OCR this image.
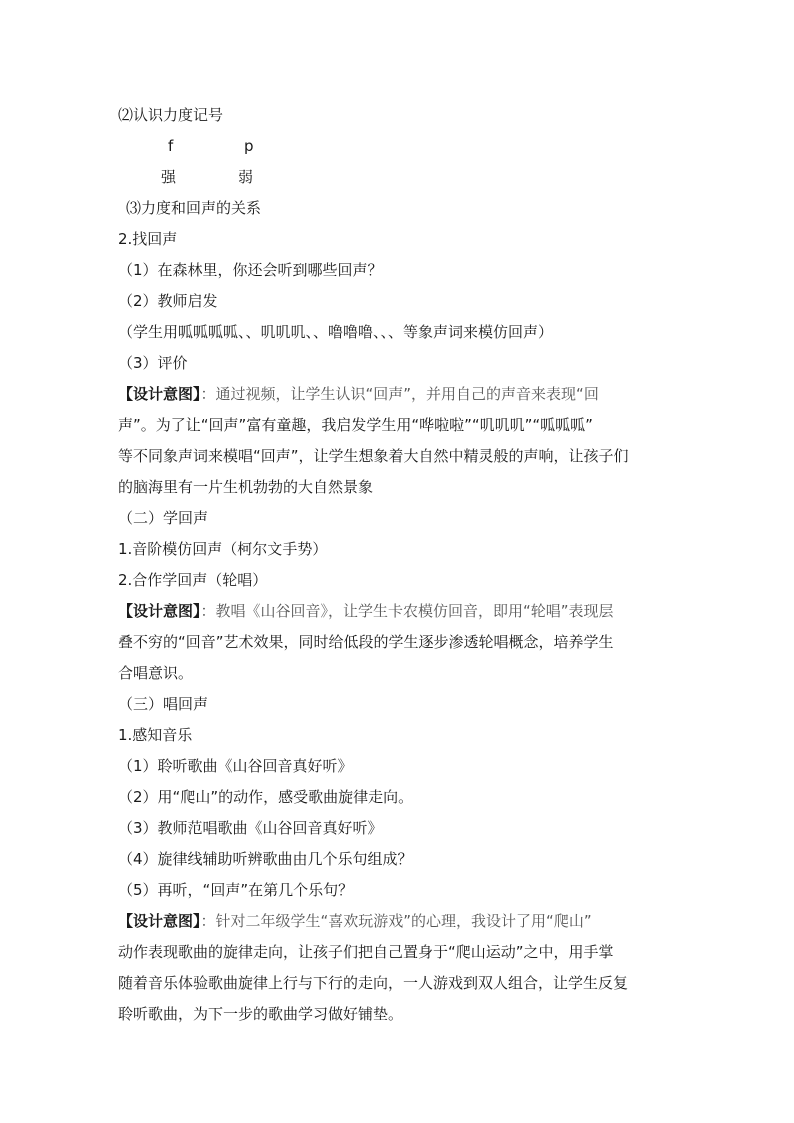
⑵认识力度记号
f	p
强	弱
⑶力度和回声的关系
2.找回声
（1）在森林里，你还会听到哪些回声？
（2）教师启发
（学生用呱呱呱呱、、叽叽叽、、噜噜噜、、、等象声词来模仿回声）
（3）评价
【设计意图】：通过视频，让学生认识“回声”，并用自己的声音来表现“回
声”。为了让“回声”富有童趣，我启发学生用“哗啦啦”“叽叽叽”“呱呱呱”
等不同象声词来模唱“回声”，让学生想象着大自然中精灵般的声响，让孩子们
的脑海里有一片生机勃勃的大自然景象
（二）学回声
1.音阶模仿回声（柯尔文手势）
2.合作学回声（轮唱）
【设计意图】：教唱《山谷回音》，让学生卡农模仿回音，即用“轮唱”表现层
叠不穷的“回音”艺术效果，同时给低段的学生逐步渗透轮唱概念，培养学生
合唱意识。
（三）唱回声
1.感知音乐
（1）聆听歌曲《山谷回音真好听》
（2）用“爬山”的动作，感受歌曲旋律走向。
（3）教师范唱歌曲《山谷回音真好听》
（4）旋律线辅助听辨歌曲由几个乐句组成？
（5）再听，“回声”在第几个乐句？
【设计意图】：针对二年级学生“喜欢玩游戏”的心理，我设计了用“爬山”
动作表现歌曲的旋律走向，让孩子们把自己置身于“爬山运动”之中，用手掌
随着音乐体验歌曲旋律上行与下行的走向，一人游戏到双人组合，让学生反复
聆听歌曲，为下一步的歌曲学习做好铺垫。
